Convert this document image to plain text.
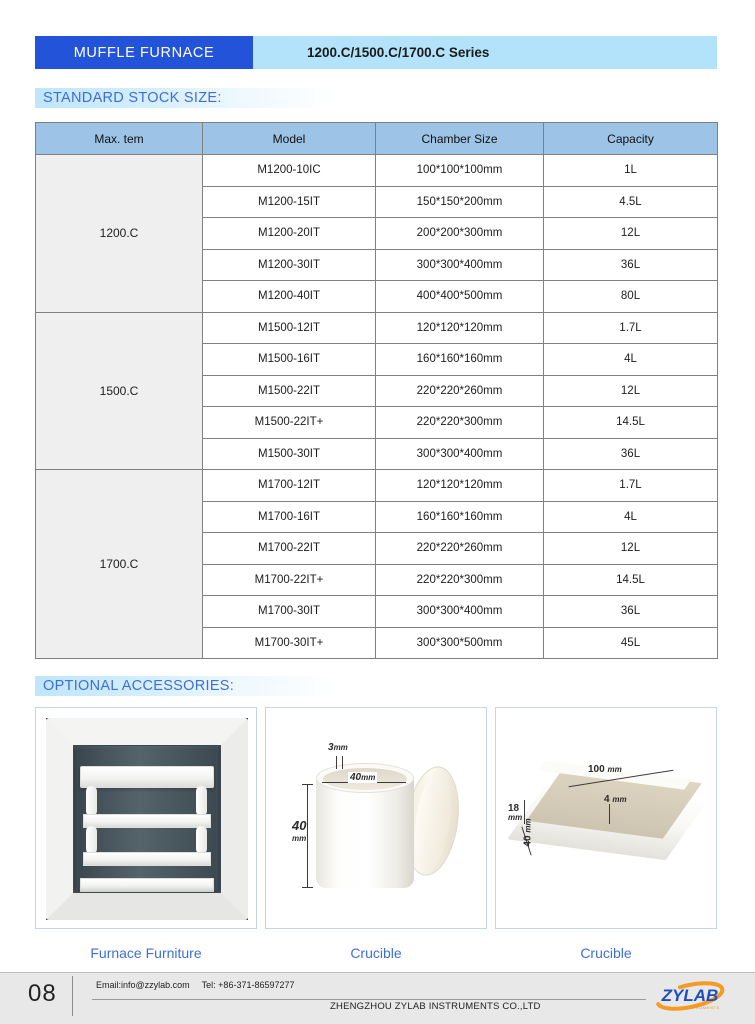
MUFFLE FURNACE	1200.C/1500.C/1700.C Series
STANDARD STOCK SIZE:
Max. tem	Model	Chamber Size	Capacity
1200.C	M1200-10IC	100*100*100mm	1L
	M1200-15IT	150*150*200mm	4.5L
	M1200-20IT	200*200*300mm	12L
	M1200-30IT	300*300*400mm	36L
	M1200-40IT	400*400*500mm	80L
1500.C	M1500-12IT	120*120*120mm	1.7L
	M1500-16IT	160*160*160mm	4L
	M1500-22IT	220*220*260mm	12L
	M1500-22IT+	220*220*300mm	14.5L
	M1500-30IT	300*300*400mm	36L
1700.C	M1700-12IT	120*120*120mm	1.7L
	M1700-16IT	160*160*160mm	4L
	M1700-22IT	220*220*260mm	12L
	M1700-22IT+	220*220*300mm	14.5L
	M1700-30IT	300*300*400mm	36L
	M1700-30IT+	300*300*500mm	45L
OPTIONAL ACCESSORIES:
Furnace Furniture
3mm
40mm
40
mm
Crucible
100 mm
18
mm
40 mm
4 mm
Crucible
08	Email:info@zzylab.com Tel: +86-371-86597277
ZHENGZHOU ZYLAB INSTRUMENTS CO.,LTD
ZYLAB
INSTRUMENTS
